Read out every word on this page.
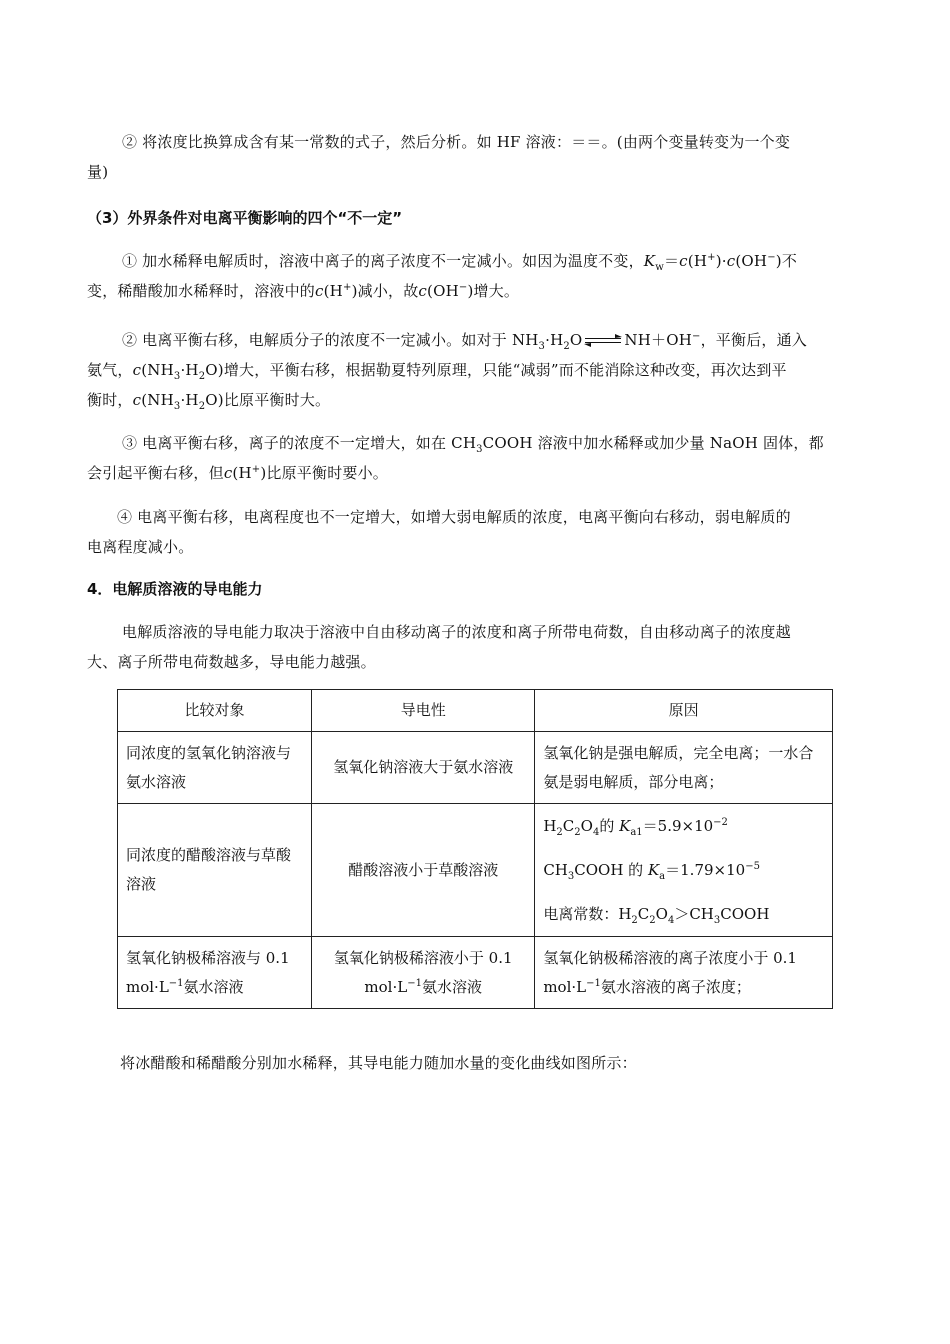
② 将浓度比换算成含有某一常数的式子，然后分析。如 HF 溶液：＝＝。(由两个变量转变为一个变
量)
（3）外界条件对电离平衡影响的四个“不一定”
① 加水稀释电解质时，溶液中离子的离子浓度不一定减小。如因为温度不变，$K_w=c(H^+)\cdot c(OH^-)$不
变，稀醋酸加水稀释时，溶液中的c(H+)减小，故c(OH−)增大。
② 电离平衡右移，电解质分子的浓度不一定减小。如对于 $NH_3\cdot H_2O$	NH＋OH−，平衡后，通入
氨气，$c(NH_3\cdot H_2O)$增大，平衡右移，根据勒夏特列原理，只能“减弱”而不能消除这种改变，再次达到平
衡时，$c(NH_3\cdot H_2O)$比原平衡时大。
③ 电离平衡右移，离子的浓度不一定增大，如在 $CH_3COOH$ 溶液中加水稀释或加少量 NaOH 固体，都
会引起平衡右移，但c(H+)比原平衡时要小。
④ 电离平衡右移，电离程度也不一定增大，如增大弱电解质的浓度，电离平衡向右移动，弱电解质的
电离程度减小。
4．电解质溶液的导电能力
电解质溶液的导电能力取决于溶液中自由移动离子的浓度和离子所带电荷数，自由移动离子的浓度越
大、离子所带电荷数越多，导电能力越强。
比较对象	导电性	原因
同浓度的氢氧化钠溶液与氨水溶液	氢氧化钠溶液大于氨水溶液	氢氧化钠是强电解质，完全电离；一水合氨是弱电解质，部分电离；
同浓度的醋酸溶液与草酸溶液	醋酸溶液小于草酸溶液	$H_2C_2O_4$的 $K_{a1}=5.9\times 10^{-2}$
$CH_3COOH$ 的 $K_a=1.79\times 10^{-5}$
电离常数：$H_2C_2O_4>CH_3COOH$
氢氧化钠极稀溶液与 0.1 $mol\cdot L^{-1}$氨水溶液	氢氧化钠极稀溶液小于 0.1 $mol\cdot L^{-1}$氨水溶液	氢氧化钠极稀溶液的离子浓度小于 0.1 $mol\cdot L^{-1}$氨水溶液的离子浓度；
将冰醋酸和稀醋酸分别加水稀释，其导电能力随加水量的变化曲线如图所示：
